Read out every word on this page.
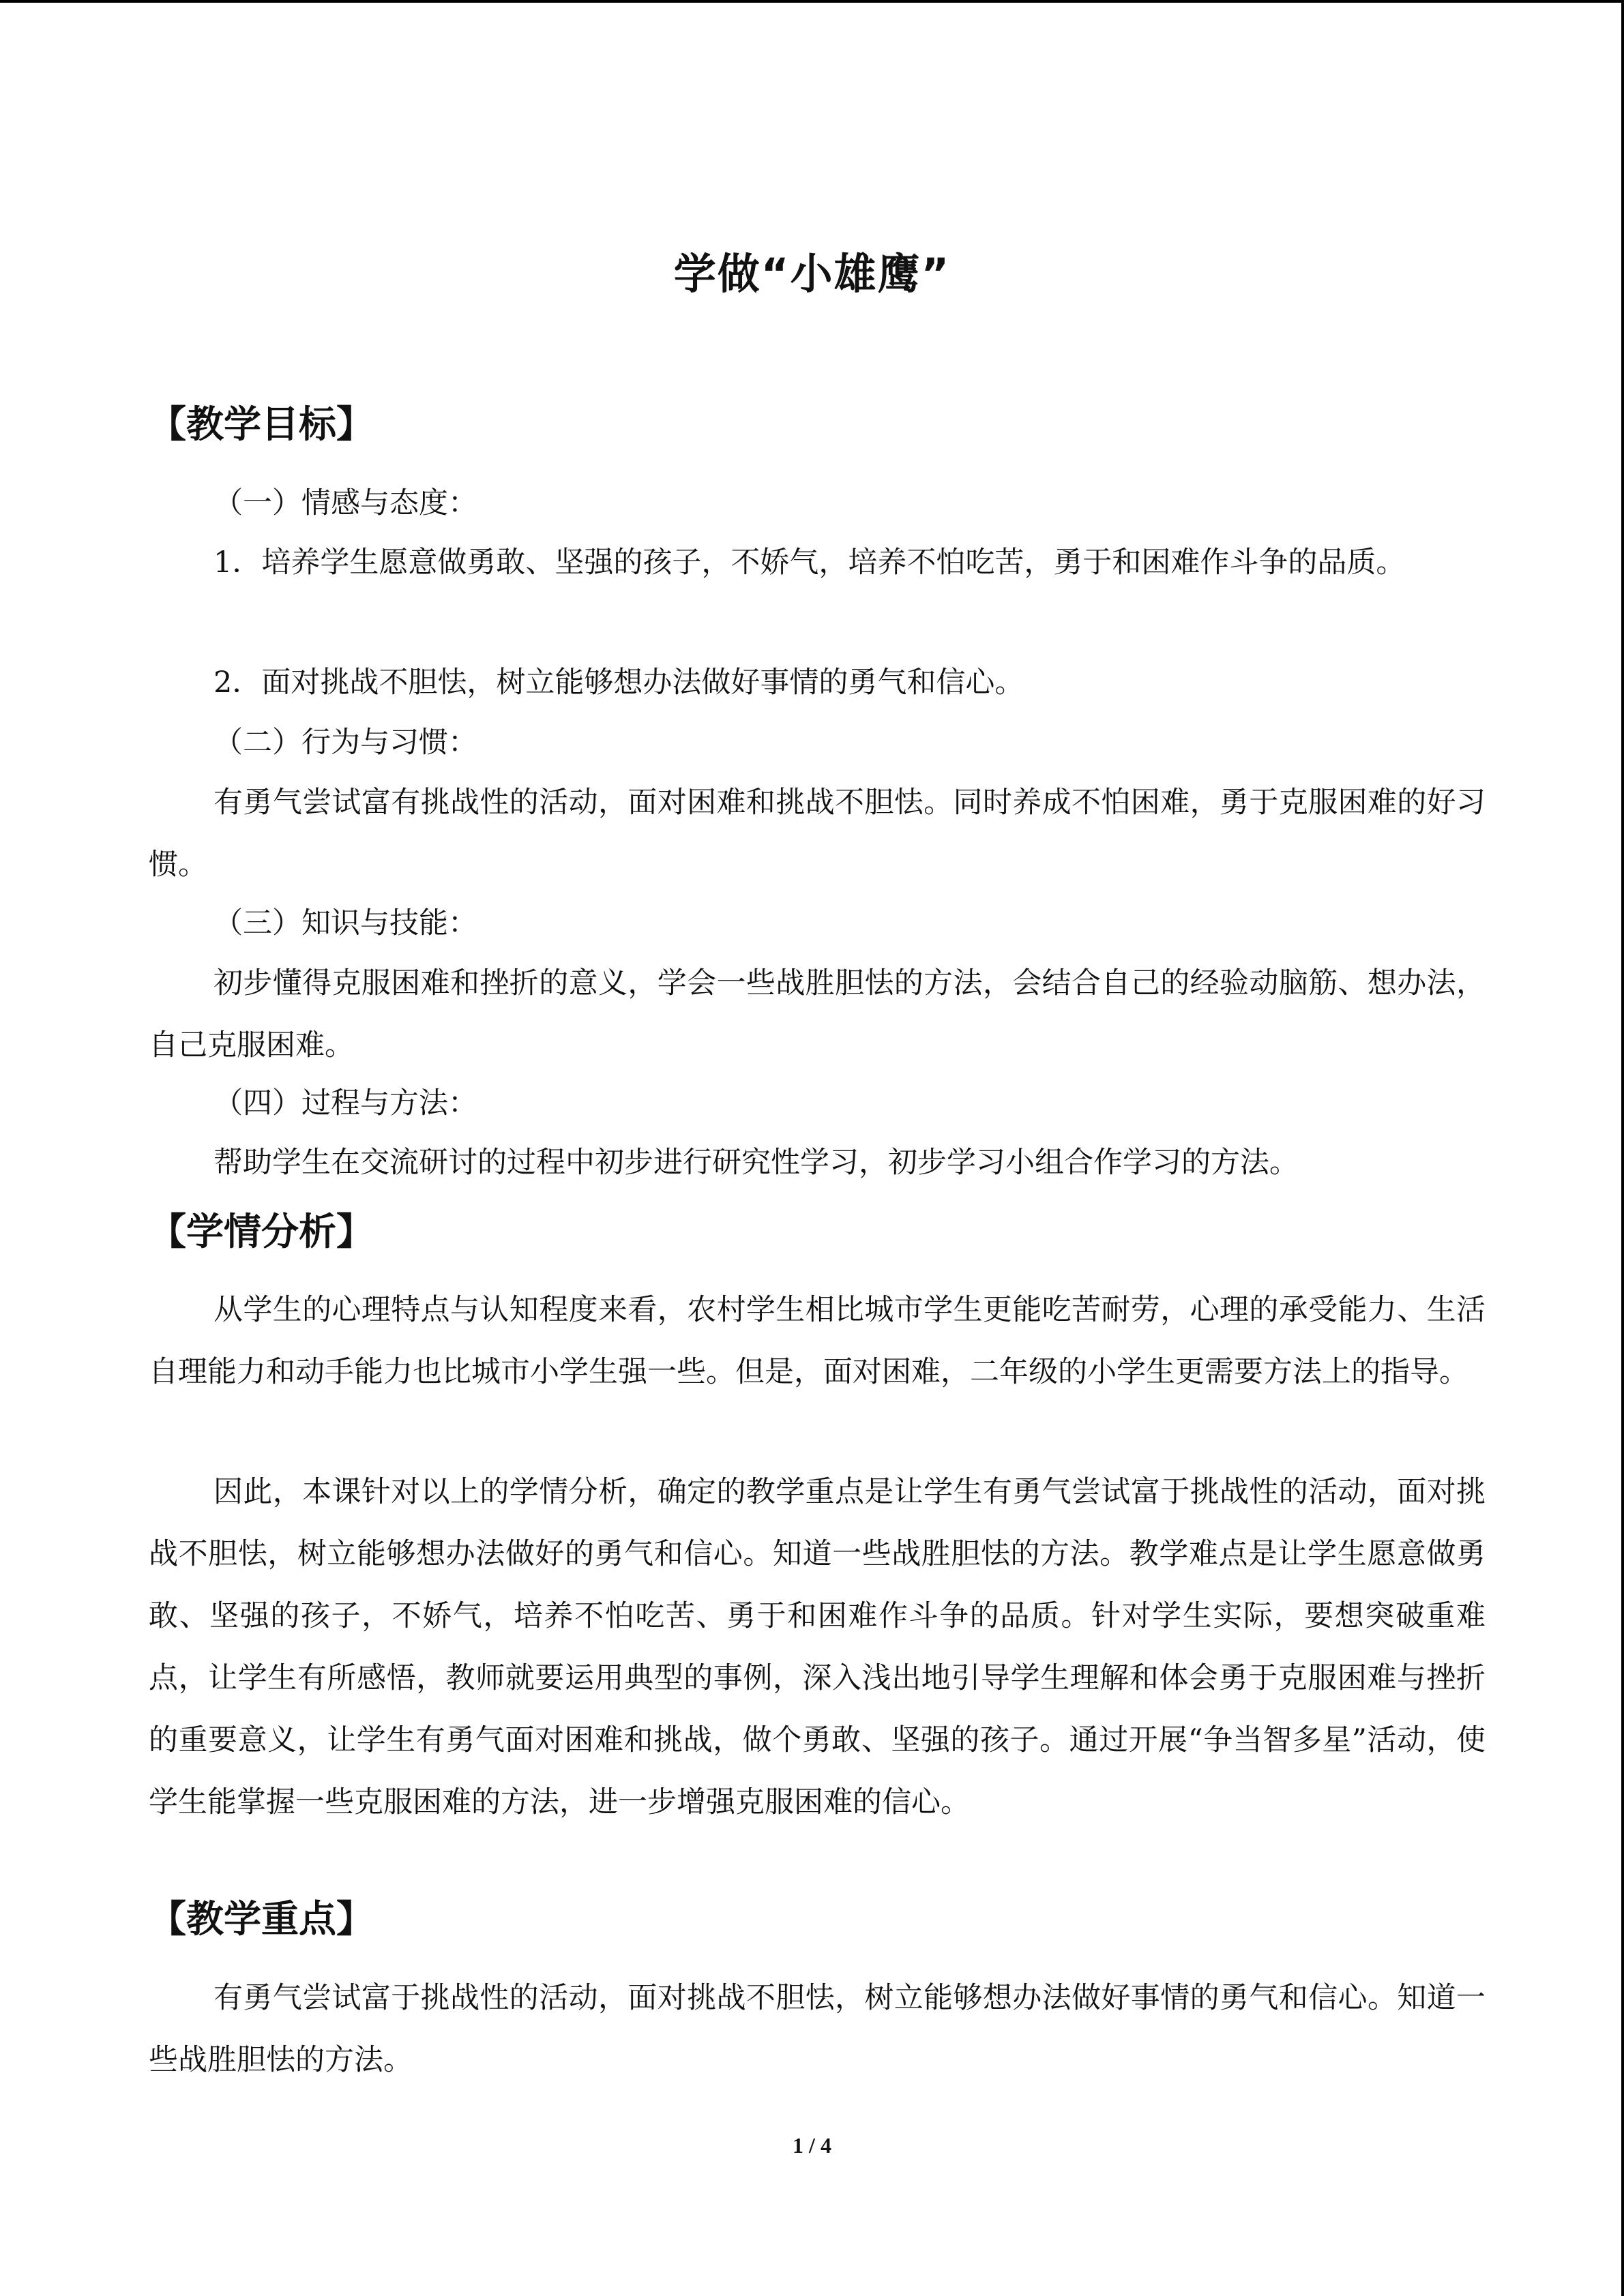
学做“小雄鹰”
【教学目标】

（一）情感与态度：

1．培养学生愿意做勇敢、坚强的孩子，不娇气，培养不怕吃苦，勇于和困难作斗争的品质。

2．面对挑战不胆怯，树立能够想办法做好事情的勇气和信心。

（二）行为与习惯：

有勇气尝试富有挑战性的活动，面对困难和挑战不胆怯。同时养成不怕困难，勇于克服困难的好习惯。

（三）知识与技能：

初步懂得克服困难和挫折的意义，学会一些战胜胆怯的方法，会结合自己的经验动脑筋、想办法，自己克服困难。

（四）过程与方法：

帮助学生在交流研讨的过程中初步进行研究性学习，初步学习小组合作学习的方法。

【学情分析】

从学生的心理特点与认知程度来看，农村学生相比城市学生更能吃苦耐劳，心理的承受能力、生活自理能力和动手能力也比城市小学生强一些。但是，面对困难，二年级的小学生更需要方法上的指导。

因此，本课针对以上的学情分析，确定的教学重点是让学生有勇气尝试富于挑战性的活动，面对挑战不胆怯，树立能够想办法做好的勇气和信心。知道一些战胜胆怯的方法。教学难点是让学生愿意做勇敢、坚强的孩子，不娇气，培养不怕吃苦、勇于和困难作斗争的品质。针对学生实际，要想突破重难点，让学生有所感悟，教师就要运用典型的事例，深入浅出地引导学生理解和体会勇于克服困难与挫折的重要意义，让学生有勇气面对困难和挑战，做个勇敢、坚强的孩子。通过开展“争当智多星”活动，使学生能掌握一些克服困难的方法，进一步增强克服困难的信心。

【教学重点】

有勇气尝试富于挑战性的活动，面对挑战不胆怯，树立能够想办法做好事情的勇气和信心。知道一些战胜胆怯的方法。

1 / 4
